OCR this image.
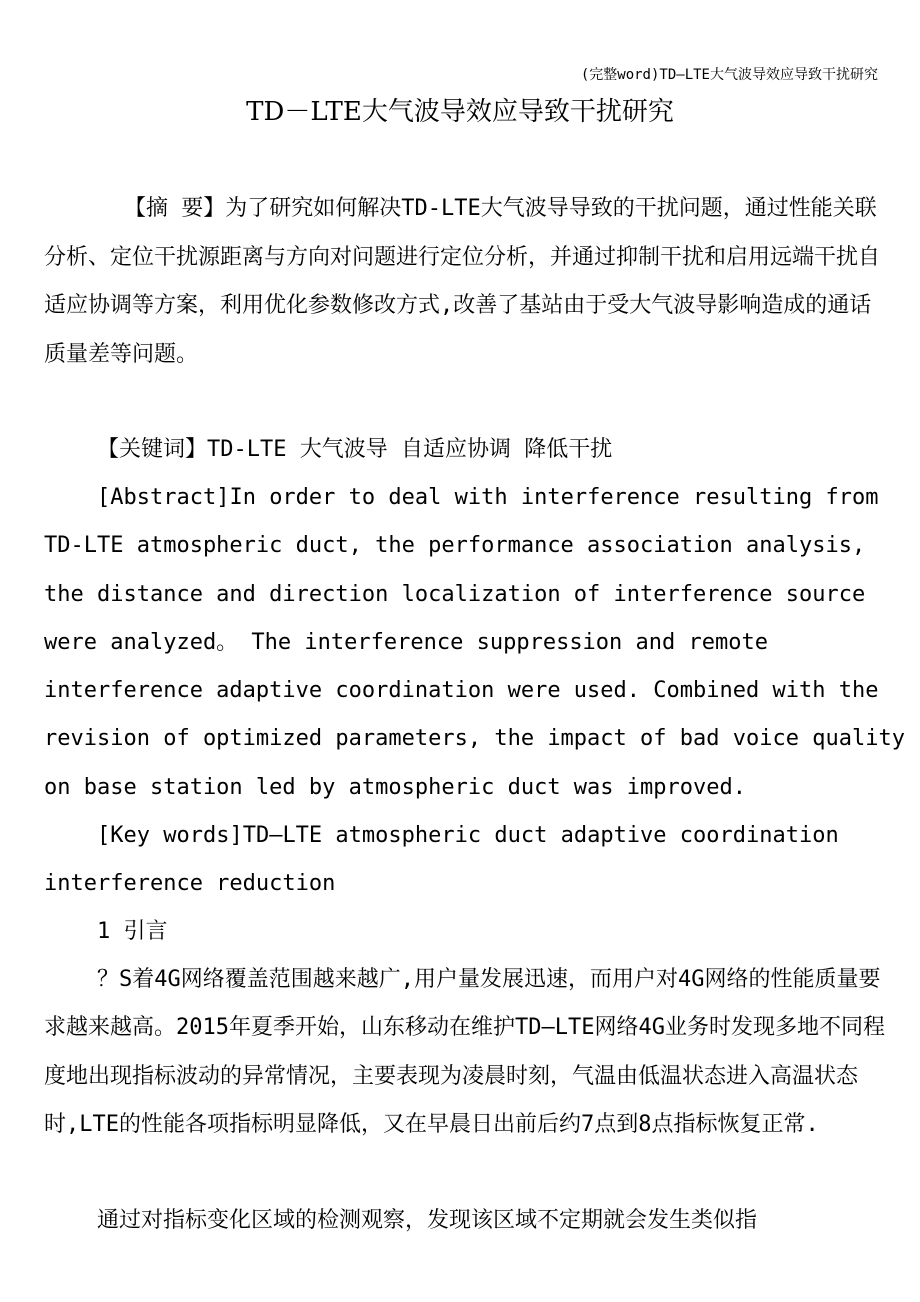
(完整word)TD—LTE大气波导效应导致干扰研究
TD－LTE大气波导效应导致干扰研究
【摘 要】为了研究如何解决TD-LTE大气波导导致的干扰问题，通过性能关联分析、定位干扰源距离与方向对问题进行定位分析，并通过抑制干扰和启用远端干扰自适应协调等方案，利用优化参数修改方式,改善了基站由于受大气波导影响造成的通话质量差等问题。
【关键词】TD-LTE 大气波导 自适应协调 降低干扰
[Abstract]In order to deal with interference resulting from TD-LTE atmospheric duct, the performance association analysis, the distance and direction localization of interference source were analyzed。 The interference suppression and remote interference adaptive coordination were used. Combined with the revision of optimized parameters, the impact of bad voice quality on base station led by atmospheric duct was improved.
[Key words]TD—LTE atmospheric duct adaptive coordination interference reduction
1 引言
？S着4G网络覆盖范围越来越广,用户量发展迅速，而用户对4G网络的性能质量要求越来越高。2015年夏季开始，山东移动在维护TD—LTE网络4G业务时发现多地不同程度地出现指标波动的异常情况，主要表现为凌晨时刻，气温由低温状态进入高温状态时,LTE的性能各项指标明显降低，又在早晨日出前后约7点到8点指标恢复正常.
通过对指标变化区域的检测观察，发现该区域不定期就会发生类似指
